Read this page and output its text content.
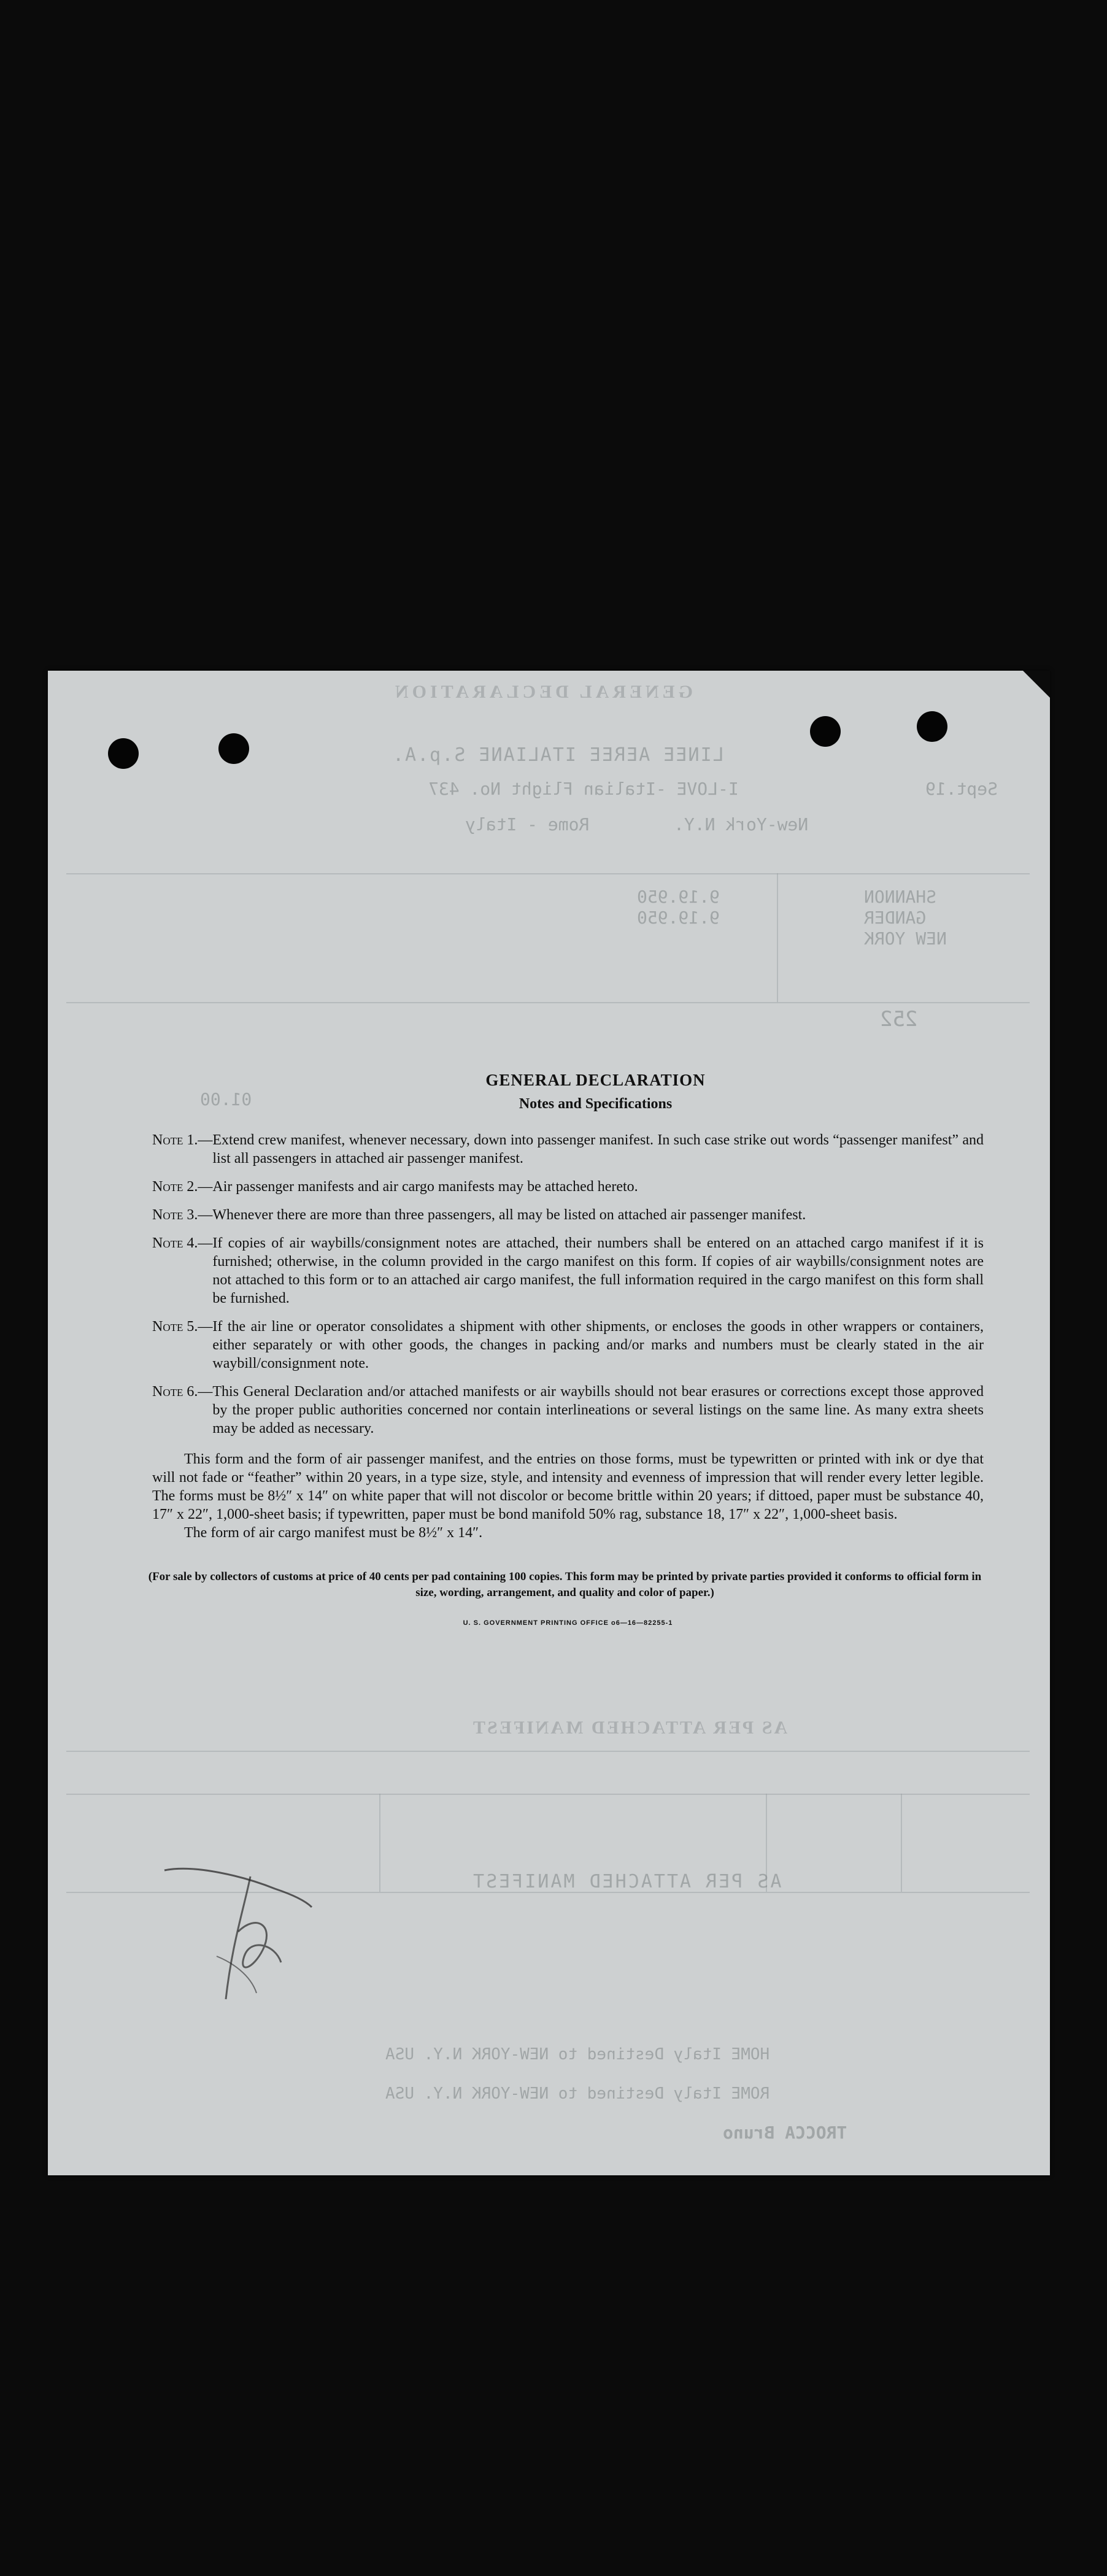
GENERAL DECLARATION
LINEE AEREE ITALIANE S.p.A.
I-LOVE -Italian Flight No. 437	Sept.19
Rome - Italy	New-York N.Y.
SHANNON
GANDER
NEW YORK
9.19.950
9.19.950
252
01.00
AS PER ATTACHED MANIFEST
AS PER ATTACHED MANIFEST
HOME Italy Destined to NEW-YORK N.Y. USA
ROME Italy Destined to NEW-YORK N.Y. USA
TROCCA Bruno
GENERAL DECLARATION
Notes and Specifications
Note 1.— Extend crew manifest, whenever necessary, down into passenger manifest. In such case strike out words “passenger manifest” and list all passengers in attached air passenger manifest.
Note 2.— Air passenger manifests and air cargo manifests may be attached hereto.
Note 3.— Whenever there are more than three passengers, all may be listed on attached air passenger manifest.
Note 4.— If copies of air waybills/consignment notes are attached, their numbers shall be entered on an attached cargo manifest if it is furnished; otherwise, in the column provided in the cargo manifest on this form. If copies of air waybills/consignment notes are not attached to this form or to an attached air cargo manifest, the full information required in the cargo manifest on this form shall be furnished.
Note 5.— If the air line or operator consolidates a shipment with other shipments, or encloses the goods in other wrappers or containers, either separately or with other goods, the changes in packing and/or marks and numbers must be clearly stated in the air waybill/consignment note.
Note 6.— This General Declaration and/or attached manifests or air waybills should not bear erasures or corrections except those approved by the proper public authorities concerned nor contain interlineations or several listings on the same line. As many extra sheets may be added as necessary.
This form and the form of air passenger manifest, and the entries on those forms, must be typewritten or printed with ink or dye that will not fade or “feather” within 20 years, in a type size, style, and intensity and evenness of impression that will render every letter legible. The forms must be 8½″ x 14″ on white paper that will not discolor or become brittle within 20 years; if dittoed, paper must be substance 40, 17″ x 22″, 1,000-sheet basis; if typewritten, paper must be bond manifold 50% rag, substance 18, 17″ x 22″, 1,000-sheet basis.
The form of air cargo manifest must be 8½″ x 14″.
(For sale by collectors of customs at price of 40 cents per pad containing 100 copies. This form may be printed by private parties provided it conforms to official form in size, wording, arrangement, and quality and color of paper.)
U. S. GOVERNMENT PRINTING OFFICE o6—16—82255-1
